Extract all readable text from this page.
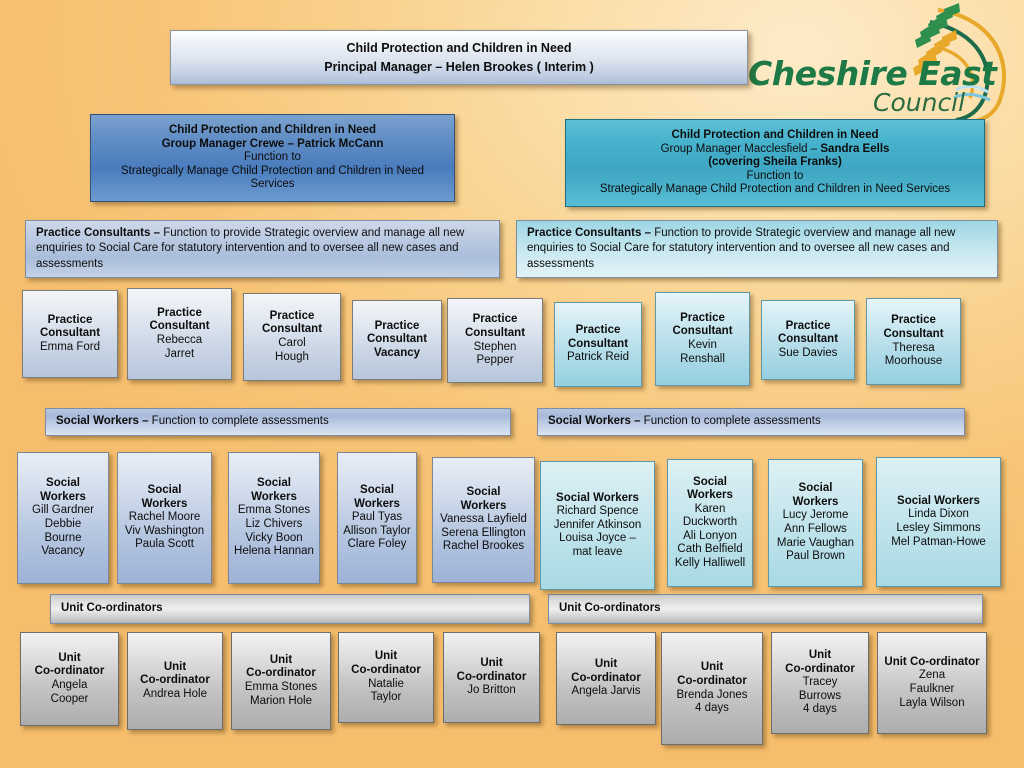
Cheshire East
Council
Child Protection and Children in Need
Principal Manager – Helen Brookes ( Interim )
Child Protection and Children in Need
Group Manager Crewe – Patrick McCann
Function to
Strategically Manage Child Protection and Children in Need Services
Child Protection and Children in Need
Group Manager Macclesfield – Sandra Eells
(covering Sheila Franks)
Function to
Strategically Manage Child Protection and Children in Need Services
Practice Consultants – Function to provide Strategic overview and manage all new enquiries to Social Care for statutory intervention and to oversee all new cases and assessments
Practice Consultants – Function to provide Strategic overview and manage all new enquiries to Social Care for statutory intervention and to oversee all new cases and assessments
Social Workers – Function to complete assessments	Social Workers – Function to complete assessments
Unit Co-ordinators	Unit Co-ordinators
Practice
Consultant
Emma Ford
Practice
Consultant
Rebecca
Jarret
Practice
Consultant
Carol
Hough
Practice
Consultant
Vacancy
Practice
Consultant
Stephen
Pepper
Practice
Consultant
Patrick Reid
Practice
Consultant
Kevin
Renshall
Practice
Consultant
Sue Davies
Practice
Consultant
Theresa
Moorhouse
Social
Workers
Gill Gardner
Debbie
Bourne
Vacancy
Social
Workers
Rachel Moore
Viv Washington
Paula Scott
Social
Workers
Emma Stones
Liz Chivers
Vicky Boon
Helena Hannan
Social
Workers
Paul Tyas
Allison Taylor
Clare Foley
Social
Workers
Vanessa Layfield
Serena Ellington
Rachel Brookes
Social Workers
Richard Spence
Jennifer Atkinson
Louisa Joyce –
mat leave
Social
Workers
Karen
Duckworth
Ali Lonyon
Cath Belfield
Kelly Halliwell
Social
Workers
Lucy Jerome
Ann Fellows
Marie Vaughan
Paul Brown
Social Workers
Linda Dixon
Lesley Simmons
Mel Patman-Howe
Unit
Co-ordinator
Angela
Cooper
Unit
Co-ordinator
Andrea Hole
Unit
Co-ordinator
Emma Stones
Marion Hole
Unit
Co-ordinator
Natalie
Taylor
Unit
Co-ordinator
Jo Britton
Unit
Co-ordinator
Angela Jarvis
Unit
Co-ordinator
Brenda Jones
4 days
Unit
Co-ordinator
Tracey
Burrows
4 days
Unit Co-ordinator
Zena
Faulkner
Layla Wilson
